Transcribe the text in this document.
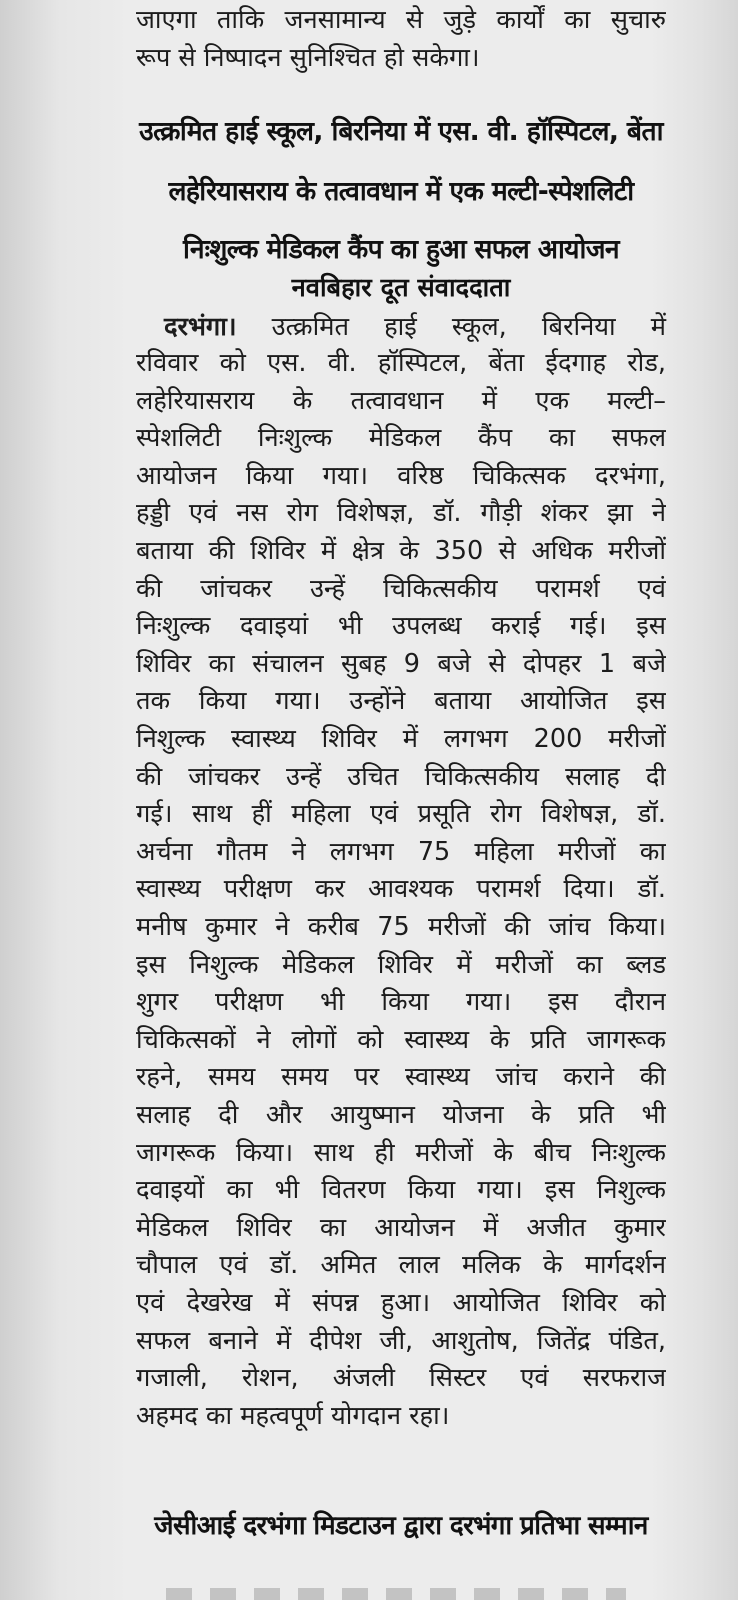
जाएगा ताकि जनसामान्य से जुड़े कार्यों का सुचारु
रूप से निष्पादन सुनिश्चित हो सकेगा।
उत्क्रमित हाई स्कूल, बिरनिया में एस. वी. हॉस्पिटल, बेंता
लहेरियासराय के तत्वावधान में एक मल्टी-स्पेशलिटी
निःशुल्क मेडिकल कैंप का हुआ सफल आयोजन
नवबिहार दूत संवाददाता
दरभंगा। उत्क्रमित हाई स्कूल, बिरनिया में
रविवार को एस. वी. हॉस्पिटल, बेंता ईदगाह रोड,
लहेरियासराय के तत्वावधान में एक मल्टी–
स्पेशलिटी निःशुल्क मेडिकल कैंप का सफल
आयोजन किया गया। वरिष्ठ चिकित्सक दरभंगा,
हड्डी एवं नस रोग विशेषज्ञ, डॉ. गौड़ी शंकर झा ने
बताया की शिविर में क्षेत्र के 350 से अधिक मरीजों
की जांचकर उन्हें चिकित्सकीय परामर्श एवं
निःशुल्क दवाइयां भी उपलब्ध कराई गई। इस
शिविर का संचालन सुबह 9 बजे से दोपहर 1 बजे
तक किया गया। उन्होंने बताया आयोजित इस
निशुल्क स्वास्थ्य शिविर में लगभग 200 मरीजों
की जांचकर उन्हें उचित चिकित्सकीय सलाह दी
गई। साथ हीं महिला एवं प्रसूति रोग विशेषज्ञ, डॉ.
अर्चना गौतम ने लगभग 75 महिला मरीजों का
स्वास्थ्य परीक्षण कर आवश्यक परामर्श दिया। डॉ.
मनीष कुमार ने करीब 75 मरीजों की जांच किया।
इस निशुल्क मेडिकल शिविर में मरीजों का ब्लड
शुगर परीक्षण भी किया गया। इस दौरान
चिकित्सकों ने लोगों को स्वास्थ्य के प्रति जागरूक
रहने, समय समय पर स्वास्थ्य जांच कराने की
सलाह दी और आयुष्मान योजना के प्रति भी
जागरूक किया। साथ ही मरीजों के बीच निःशुल्क
दवाइयों का भी वितरण किया गया। इस निशुल्क
मेडिकल शिविर का आयोजन में अजीत कुमार
चौपाल एवं डॉ. अमित लाल मलिक के मार्गदर्शन
एवं देखरेख में संपन्न हुआ। आयोजित शिविर को
सफल बनाने में दीपेश जी, आशुतोष, जितेंद्र पंडित,
गजाली, रोशन, अंजली सिस्टर एवं सरफराज
अहमद का महत्वपूर्ण योगदान रहा।
जेसीआई दरभंगा मिडटाउन द्वारा दरभंगा प्रतिभा सम्मान
